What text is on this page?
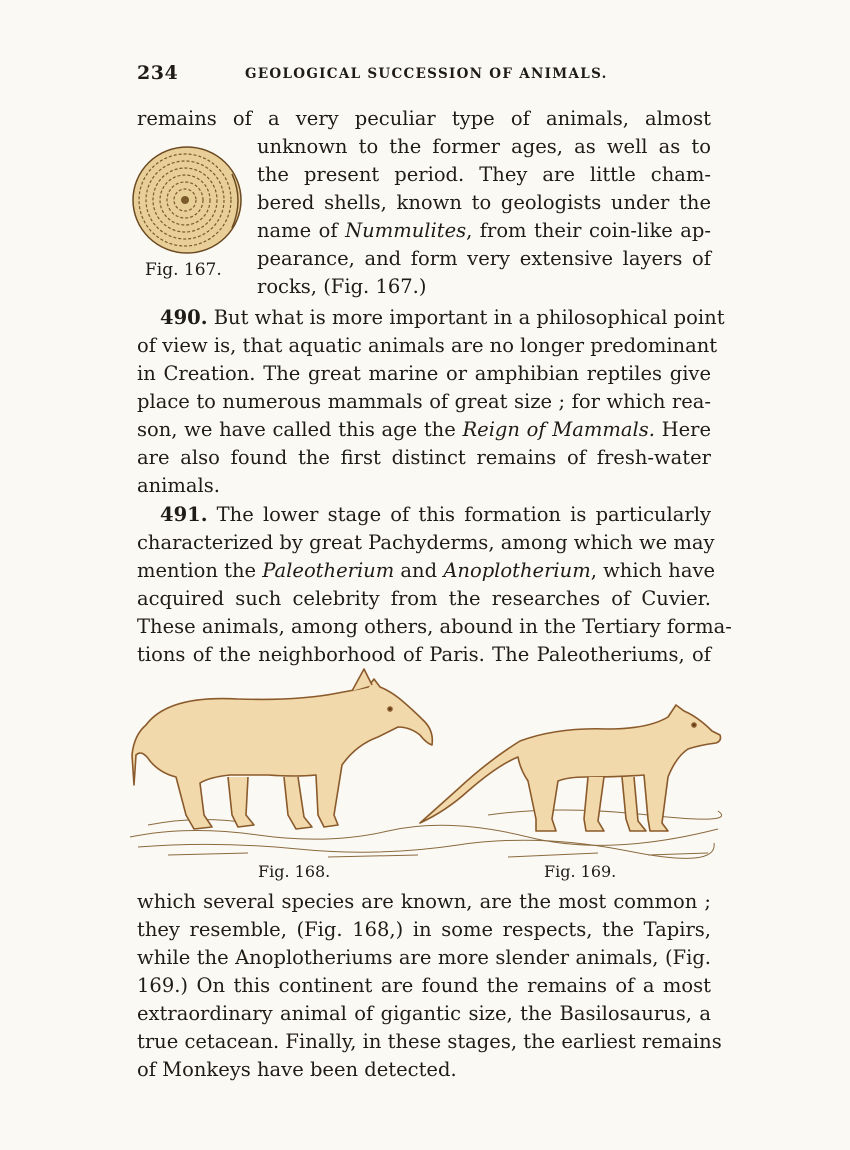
234	GEOLOGICAL SUCCESSION OF ANIMALS.
remains of a very peculiar type of animals, almost
unknown to the former ages, as well as to
the present period. They are little cham-
bered shells, known to geologists under the
name of Nummulites, from their coin-like ap-
pearance, and form very extensive layers of
rocks, (Fig. 167.)
Fig. 167.
490. But what is more important in a philosophical point
of view is, that aquatic animals are no longer predominant
in Creation. The great marine or amphibian reptiles give
place to numerous mammals of great size ; for which rea-
son, we have called this age the Reign of Mammals. Here
are also found the first distinct remains of fresh-water
animals.
491. The lower stage of this formation is particularly
characterized by great Pachyderms, among which we may
mention the Paleotherium and Anoplotherium, which have
acquired such celebrity from the researches of Cuvier.
These animals, among others, abound in the Tertiary forma-
tions of the neighborhood of Paris. The Paleotheriums, of
Fig. 168.	Fig. 169.
which several species are known, are the most common ;
they resemble, (Fig. 168,) in some respects, the Tapirs,
while the Anoplotheriums are more slender animals, (Fig.
169.) On this continent are found the remains of a most
extraordinary animal of gigantic size, the Basilosaurus, a
true cetacean. Finally, in these stages, the earliest remains
of Monkeys have been detected.
